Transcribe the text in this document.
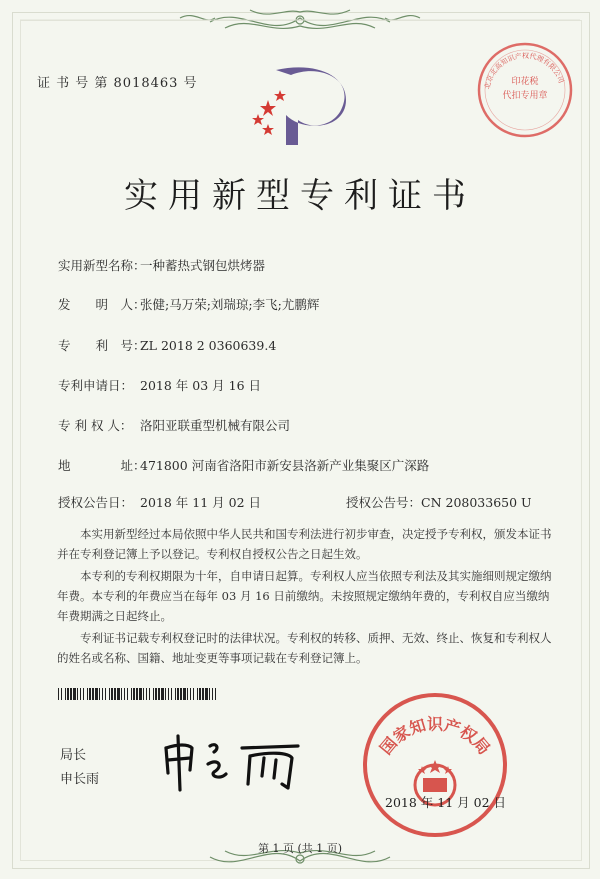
证 书 号 第 8018463 号	印花税
代扣专用章
北京北高知识产权代理有限公司
实用新型专利证书
实用新型名称：一种蓄热式钢包烘烤器
发　　明　人：张健;马万荣;刘瑞琼;李飞;尤鹏辉
专　　利　号：ZL 2018 2 0360639.4
专利申请日： 2018 年 03 月 16 日
专 利 权 人： 洛阳亚联重型机械有限公司
地　　　　址：471800 河南省洛阳市新安县洛新产业集聚区广深路
授权公告日： 2018 年 11 月 02 日	授权公告号：CN 208033650 U

本实用新型经过本局依照中华人民共和国专利法进行初步审查，决定授予专利权，颁发本证书并在专利登记簿上予以登记。专利权自授权公告之日起生效。

本专利的专利权期限为十年，自申请日起算。专利权人应当依照专利法及其实施细则规定缴纳年费。本专利的年费应当在每年 03 月 16 日前缴纳。未按照规定缴纳年费的，专利权自应当缴纳年费期满之日起终止。

专利证书记载专利权登记时的法律状况。专利权的转移、质押、无效、终止、恢复和专利权人的姓名或名称、国籍、地址变更等事项记载在专利登记簿上。

局长
申长雨
国家知识产权局
2018 年 11 月 02 日
第 1 页 (共 1 页)
